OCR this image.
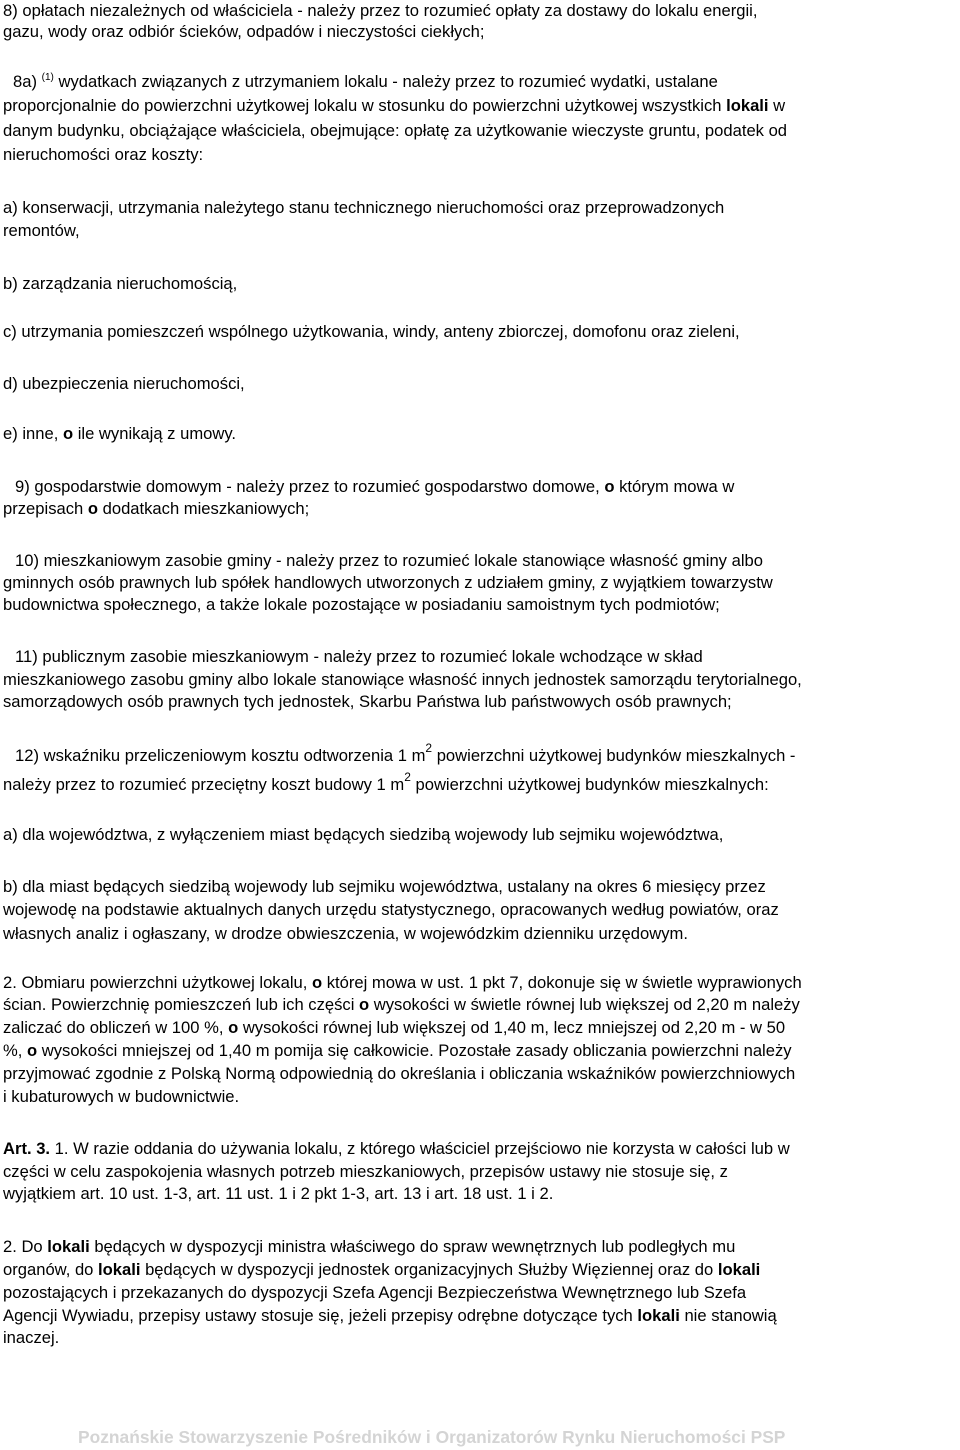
8) opłatach niezależnych od właściciela - należy przez to rozumieć opłaty za dostawy do lokalu energii,
gazu, wody oraz odbiór ścieków, odpadów i nieczystości ciekłych;
8a) $^{(1)}$ wydatkach związanych z utrzymaniem lokalu - należy przez to rozumieć wydatki, ustalane
proporcjonalnie do powierzchni użytkowej lokalu w stosunku do powierzchni użytkowej wszystkich lokali w
danym budynku, obciążające właściciela, obejmujące: opłatę za użytkowanie wieczyste gruntu, podatek od
nieruchomości oraz koszty:
a) konserwacji, utrzymania należytego stanu technicznego nieruchomości oraz przeprowadzonych
remontów,
b) zarządzania nieruchomością,
c) utrzymania pomieszczeń wspólnego użytkowania, windy, anteny zbiorczej, domofonu oraz zieleni,
d) ubezpieczenia nieruchomości,
e) inne, o ile wynikają z umowy.
9) gospodarstwie domowym - należy przez to rozumieć gospodarstwo domowe, o którym mowa w
przepisach o dodatkach mieszkaniowych;
10) mieszkaniowym zasobie gminy - należy przez to rozumieć lokale stanowiące własność gminy albo
gminnych osób prawnych lub spółek handlowych utworzonych z udziałem gminy, z wyjątkiem towarzystw
budownictwa społecznego, a także lokale pozostające w posiadaniu samoistnym tych podmiotów;
11) publicznym zasobie mieszkaniowym - należy przez to rozumieć lokale wchodzące w skład
mieszkaniowego zasobu gminy albo lokale stanowiące własność innych jednostek samorządu terytorialnego,
samorządowych osób prawnych tych jednostek, Skarbu Państwa lub państwowych osób prawnych;
12) wskaźniku przeliczeniowym kosztu odtworzenia 1 $m^2$ powierzchni użytkowej budynków mieszkalnych -
należy przez to rozumieć przeciętny koszt budowy 1 $m^2$ powierzchni użytkowej budynków mieszkalnych:
a) dla województwa, z wyłączeniem miast będących siedzibą wojewody lub sejmiku województwa,
b) dla miast będących siedzibą wojewody lub sejmiku województwa, ustalany na okres 6 miesięcy przez
wojewodę na podstawie aktualnych danych urzędu statystycznego, opracowanych według powiatów, oraz
własnych analiz i ogłaszany, w drodze obwieszczenia, w wojewódzkim dzienniku urzędowym.
2. Obmiaru powierzchni użytkowej lokalu, o której mowa w ust. 1 pkt 7, dokonuje się w świetle wyprawionych
ścian. Powierzchnię pomieszczeń lub ich części o wysokości w świetle równej lub większej od 2,20 m należy
zaliczać do obliczeń w 100 %, o wysokości równej lub większej od 1,40 m, lecz mniejszej od 2,20 m - w 50
%, o wysokości mniejszej od 1,40 m pomija się całkowicie. Pozostałe zasady obliczania powierzchni należy
przyjmować zgodnie z Polską Normą odpowiednią do określania i obliczania wskaźników powierzchniowych
i kubaturowych w budownictwie.
Art. 3. 1. W razie oddania do używania lokalu, z którego właściciel przejściowo nie korzysta w całości lub w
części w celu zaspokojenia własnych potrzeb mieszkaniowych, przepisów ustawy nie stosuje się, z
wyjątkiem art. 10 ust. 1-3, art. 11 ust. 1 i 2 pkt 1-3, art. 13 i art. 18 ust. 1 i 2.
2. Do lokali będących w dyspozycji ministra właściwego do spraw wewnętrznych lub podległych mu
organów, do lokali będących w dyspozycji jednostek organizacyjnych Służby Więziennej oraz do lokali
pozostających i przekazanych do dyspozycji Szefa Agencji Bezpieczeństwa Wewnętrznego lub Szefa
Agencji Wywiadu, przepisy ustawy stosuje się, jeżeli przepisy odrębne dotyczące tych lokali nie stanowią
inaczej.
Poznańskie Stowarzyszenie Pośredników i Organizatorów Rynku Nieruchomości PSP
